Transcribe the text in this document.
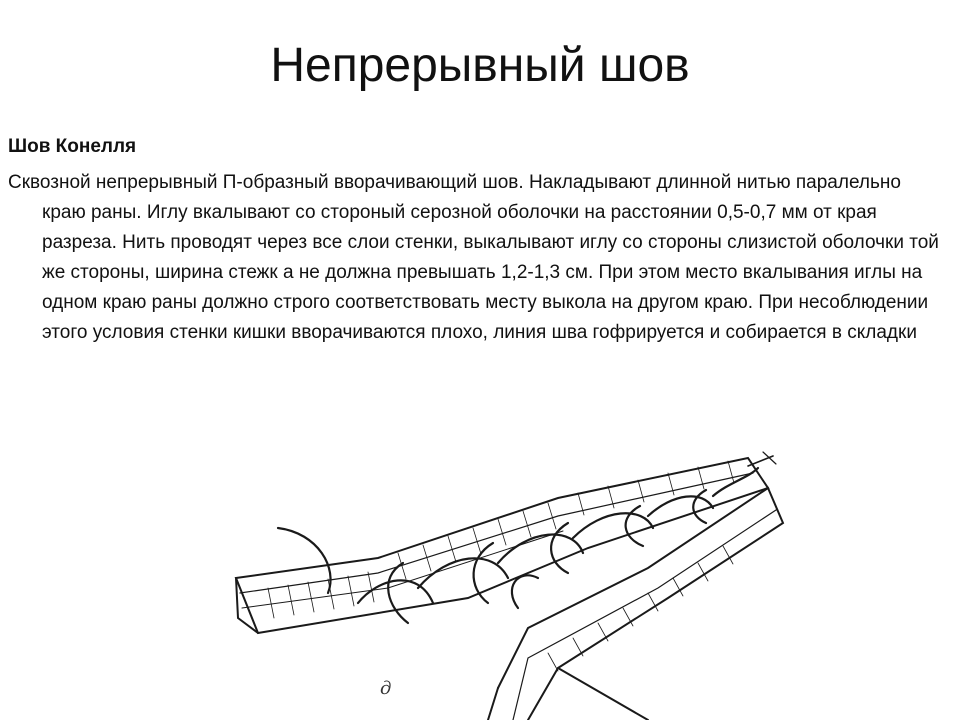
Непрерывный шов

Шов Конелля

Сквозной непрерывный П-образный вворачивающий шов. Накладывают длинной нитью паралельно краю раны. Иглу вкалывают со стороный серозной оболочки на расстоянии 0,5-0,7 мм от края разреза. Нить проводят через все слои стенки, выкалывают иглу со стороны слизистой оболочки той же стороны, ширина стежк а не должна превышать 1,2-1,3 см. При этом место вкалывания иглы на одном краю раны должно строго соответствовать месту выкола на другом краю. При несоблюдении этого условия стенки кишки вворачиваются плохо, линия шва гофрируется и собирается в складки

д
